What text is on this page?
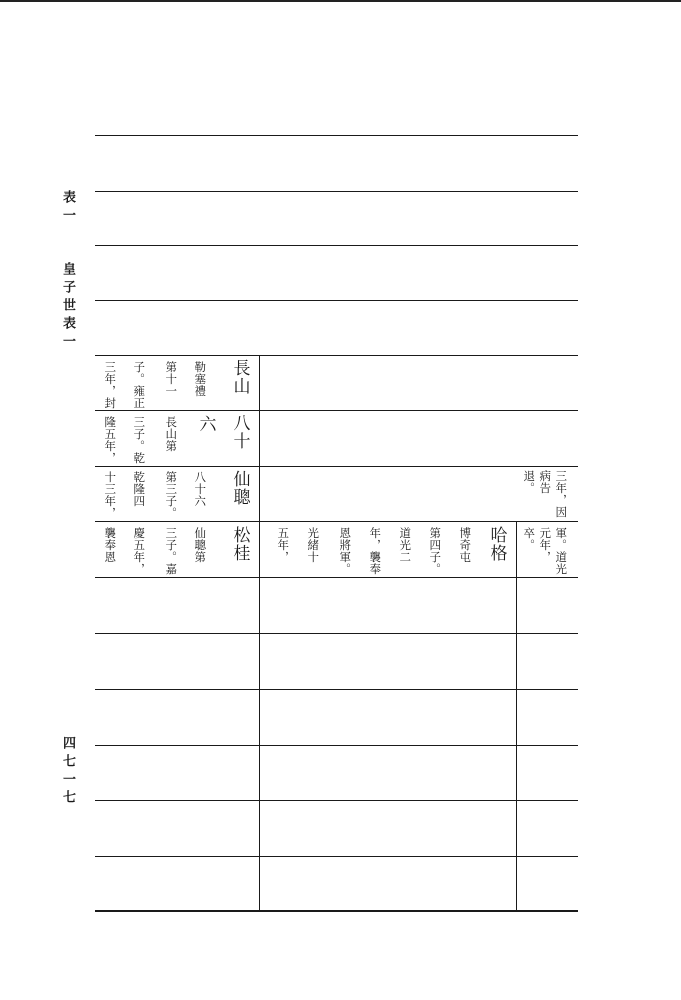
表一
皇子世表一
四七一七
長山
勒塞禮
第十一
子。雍正
三年，封
八十
六
長山第
三子。乾
隆五年，
仙聰
八十六
第三子。
乾隆四
十三年，	三年，因
病告
退。
松桂
仙聰第
三子。嘉
慶五年，
襲奉恩	軍。道光
元年，
卒。
哈格
博奇屯
第四子。
道光二
年，襲奉
恩將軍。
光緒十
五年，
